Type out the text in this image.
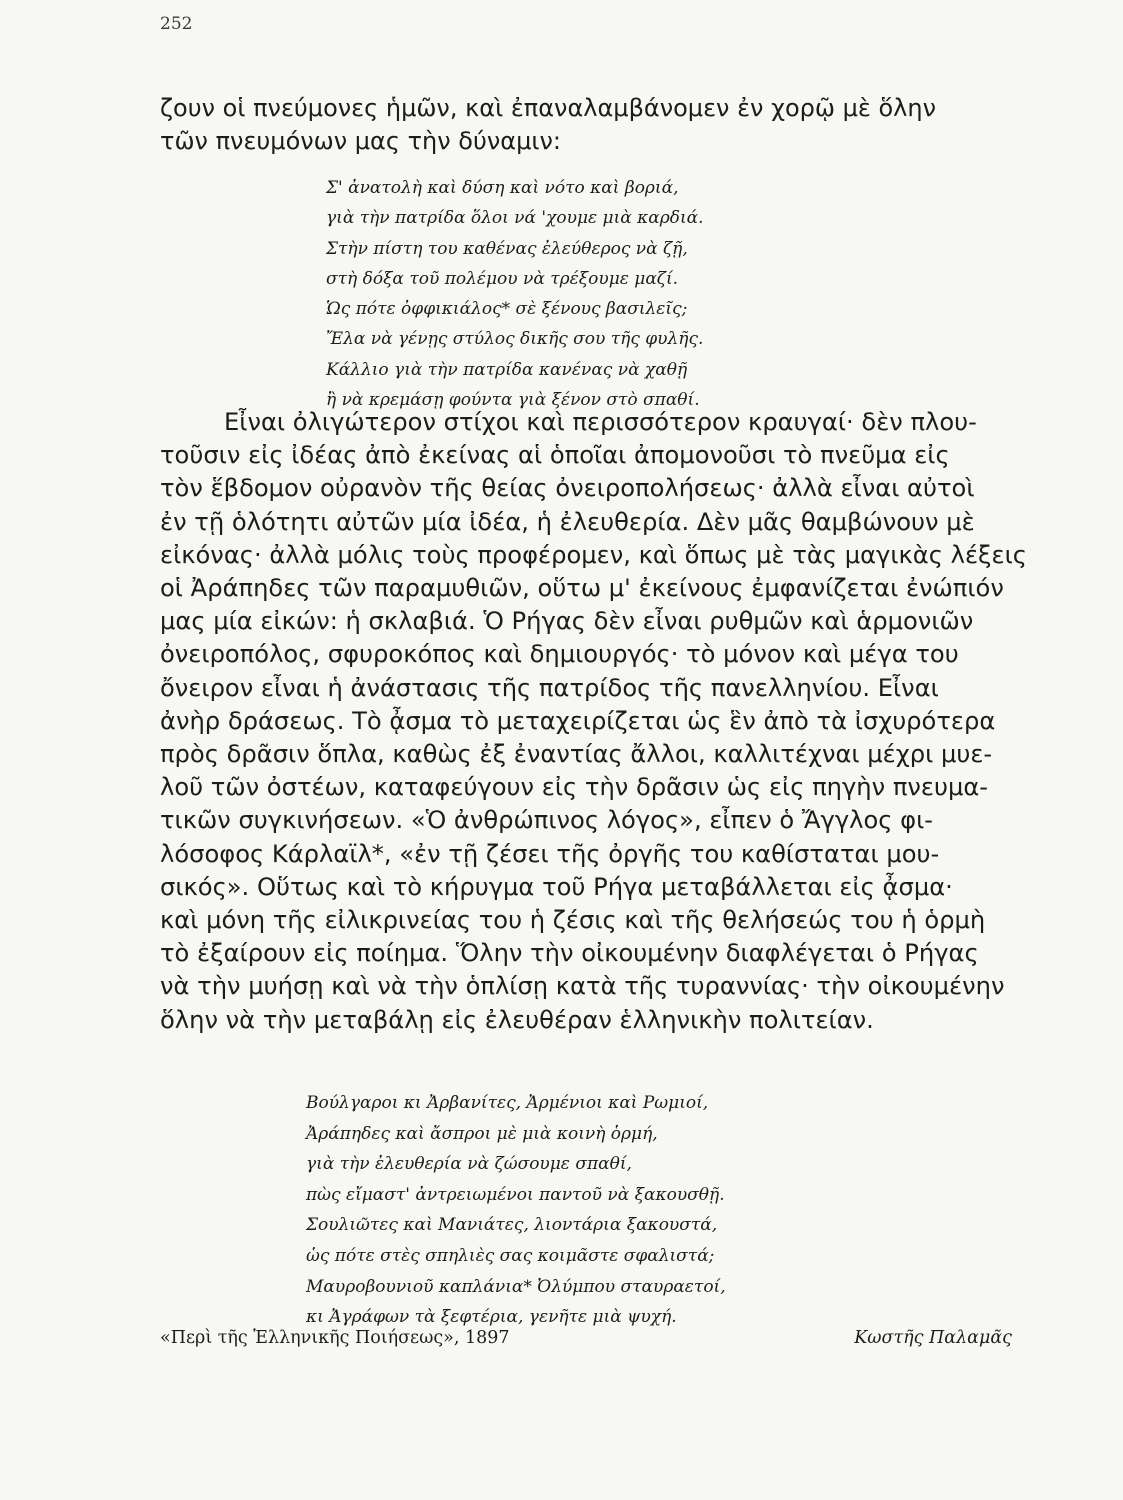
252
ζουν οἱ πνεύμονες ἡμῶν, καὶ ἐπαναλαμβάνομεν ἐν χορῷ μὲ ὅλην
τῶν πνευμόνων μας τὴν δύναμιν:
Σ' ἀνατολὴ καὶ δύση καὶ νότο καὶ βοριά,
γιὰ τὴν πατρίδα ὅλοι νά 'χουμε μιὰ καρδιά.
Στὴν πίστη του καθένας ἐλεύθερος νὰ ζῇ,
στὴ δόξα τοῦ πολέμου νὰ τρέξουμε μαζί.
Ὡς πότε ὀφφικιάλος* σὲ ξένους βασιλεῖς;
Ἔλα νὰ γένῃς στύλος δικῆς σου τῆς φυλῆς.
Κάλλιο γιὰ τὴν πατρίδα κανένας νὰ χαθῇ
ἢ νὰ κρεμάσῃ φούντα γιὰ ξένον στὸ σπαθί.
Εἶναι ὀλιγώτερον στίχοι καὶ περισσότερον κραυγαί· δὲν πλου-
τοῦσιν εἰς ἰδέας ἀπὸ ἐκείνας αἱ ὁποῖαι ἀπομονοῦσι τὸ πνεῦμα εἰς
τὸν ἕβδομον οὐρανὸν τῆς θείας ὀνειροπολήσεως· ἀλλὰ εἶναι αὐτοὶ
ἐν τῇ ὁλότητι αὐτῶν μία ἰδέα, ἡ ἐλευθερία. Δὲν μᾶς θαμβώνουν μὲ
εἰκόνας· ἀλλὰ μόλις τοὺς προφέρομεν, καὶ ὅπως μὲ τὰς μαγικὰς λέξεις
οἱ Ἀράπηδες τῶν παραμυθιῶν, οὕτω μ' ἐκείνους ἐμφανίζεται ἐνώπιόν
μας μία εἰκών: ἡ σκλαβιά. Ὁ Ρήγας δὲν εἶναι ρυθμῶν καὶ ἁρμονιῶν
ὀνειροπόλος, σφυροκόπος καὶ δημιουργός· τὸ μόνον καὶ μέγα του
ὄνειρον εἶναι ἡ ἀνάστασις τῆς πατρίδος τῆς πανελληνίου. Εἶναι
ἀνὴρ δράσεως. Τὸ ᾆσμα τὸ μεταχειρίζεται ὡς ἓν ἀπὸ τὰ ἰσχυρότερα
πρὸς δρᾶσιν ὅπλα, καθὼς ἐξ ἐναντίας ἄλλοι, καλλιτέχναι μέχρι μυε-
λοῦ τῶν ὀστέων, καταφεύγουν εἰς τὴν δρᾶσιν ὡς εἰς πηγὴν πνευμα-
τικῶν συγκινήσεων. «Ὁ ἀνθρώπινος λόγος», εἶπεν ὁ Ἄγγλος φι-
λόσοφος Κάρλαϊλ*, «ἐν τῇ ζέσει τῆς ὀργῆς του καθίσταται μου-
σικός». Οὕτως καὶ τὸ κήρυγμα τοῦ Ρήγα μεταβάλλεται εἰς ᾆσμα·
καὶ μόνη τῆς εἰλικρινείας του ἡ ζέσις καὶ τῆς θελήσεώς του ἡ ὁρμὴ
τὸ ἐξαίρουν εἰς ποίημα. Ὅλην τὴν οἰκουμένην διαφλέγεται ὁ Ρήγας
νὰ τὴν μυήσῃ καὶ νὰ τὴν ὁπλίσῃ κατὰ τῆς τυραννίας· τὴν οἰκουμένην
ὅλην νὰ τὴν μεταβάλῃ εἰς ἐλευθέραν ἑλληνικὴν πολιτείαν.
Βούλγαροι κι Ἀρβανίτες, Ἀρμένιοι καὶ Ρωμιοί,
Ἀράπηδες καὶ ἄσπροι μὲ μιὰ κοινὴ ὁρμή,
γιὰ τὴν ἐλευθερία νὰ ζώσουμε σπαθί,
πὼς εἴμαστ' ἀντρειωμένοι παντοῦ νὰ ξακουσθῇ.
Σουλιῶτες καὶ Μανιάτες, λιοντάρια ξακουστά,
ὡς πότε στὲς σπηλιὲς σας κοιμᾶστε σφαλιστά;
Μαυροβουνιοῦ καπλάνια* Ὀλύμπου σταυραετοί,
κι Ἀγράφων τὰ ξεφτέρια, γενῆτε μιὰ ψυχή.
«Περὶ τῆς Ἑλληνικῆς Ποιήσεως», 1897	Κωστῆς Παλαμᾶς
